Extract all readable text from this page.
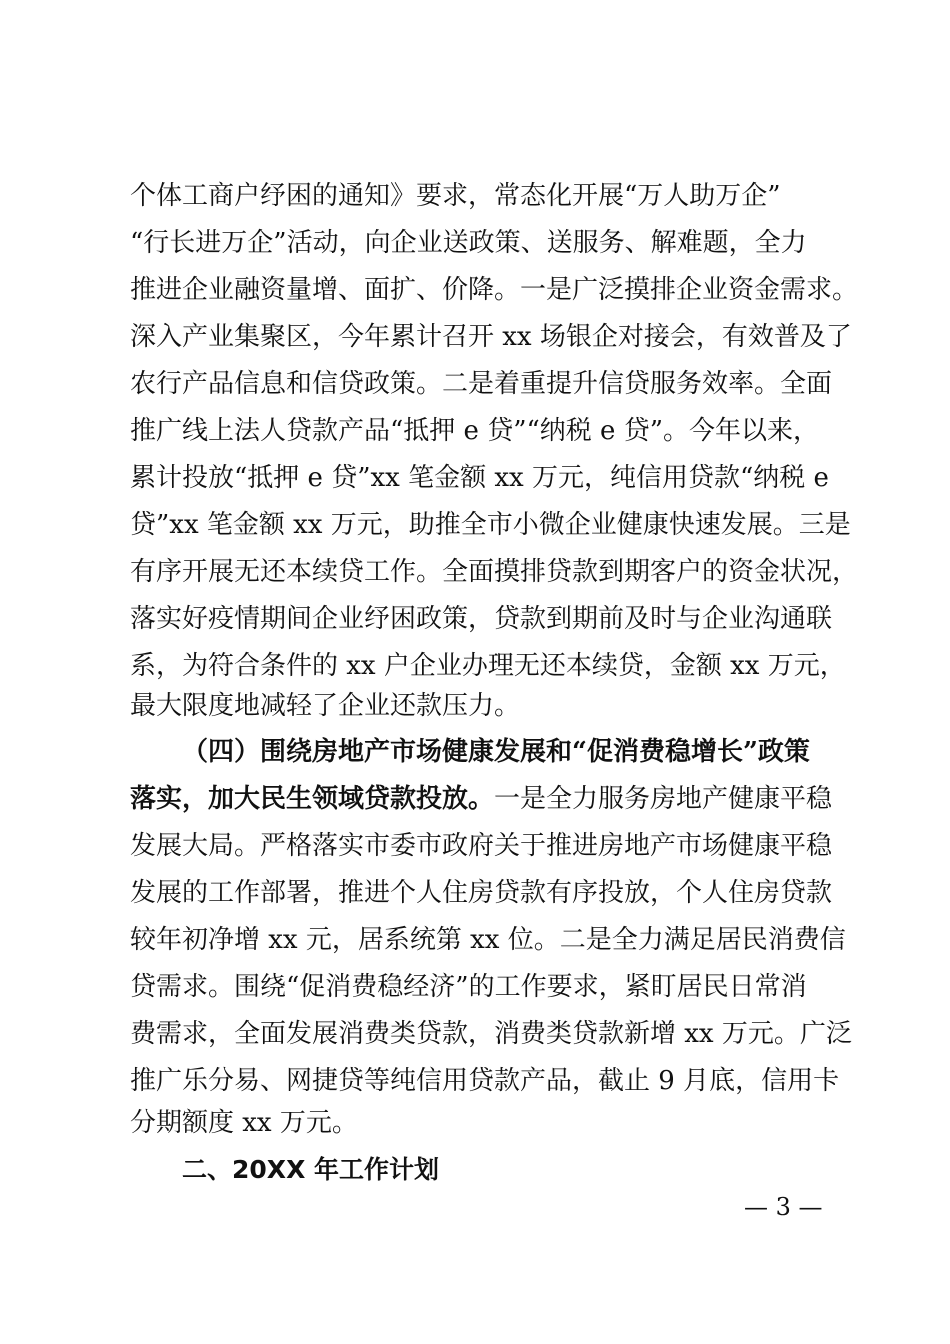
个体工商户纾困的通知》要求，常态化开展“万人助万企”
“行长进万企”活动，向企业送政策、送服务、解难题，全力
推进企业融资量增、面扩、价降。一是广泛摸排企业资金需求。
深入产业集聚区，今年累计召开 xx 场银企对接会，有效普及了
农行产品信息和信贷政策。二是着重提升信贷服务效率。全面
推广线上法人贷款产品“抵押 e 贷”“纳税 e 贷”。今年以来，
累计投放“抵押 e 贷”xx 笔金额 xx 万元，纯信用贷款“纳税 e
贷”xx 笔金额 xx 万元，助推全市小微企业健康快速发展。三是
有序开展无还本续贷工作。全面摸排贷款到期客户的资金状况，
落实好疫情期间企业纾困政策，贷款到期前及时与企业沟通联
系，为符合条件的 xx 户企业办理无还本续贷，金额 xx 万元，
最大限度地减轻了企业还款压力。
（四）围绕房地产市场健康发展和“促消费稳增长”政策
落实，加大民生领域贷款投放。一是全力服务房地产健康平稳
发展大局。严格落实市委市政府关于推进房地产市场健康平稳
发展的工作部署，推进个人住房贷款有序投放，个人住房贷款
较年初净增 xx 元，居系统第 xx 位。二是全力满足居民消费信
贷需求。围绕“促消费稳经济”的工作要求，紧盯居民日常消
费需求，全面发展消费类贷款，消费类贷款新增 xx 万元。广泛
推广乐分易、网捷贷等纯信用贷款产品，截止 9 月底，信用卡
分期额度 xx 万元。
二、20XX 年工作计划
— 3 —
